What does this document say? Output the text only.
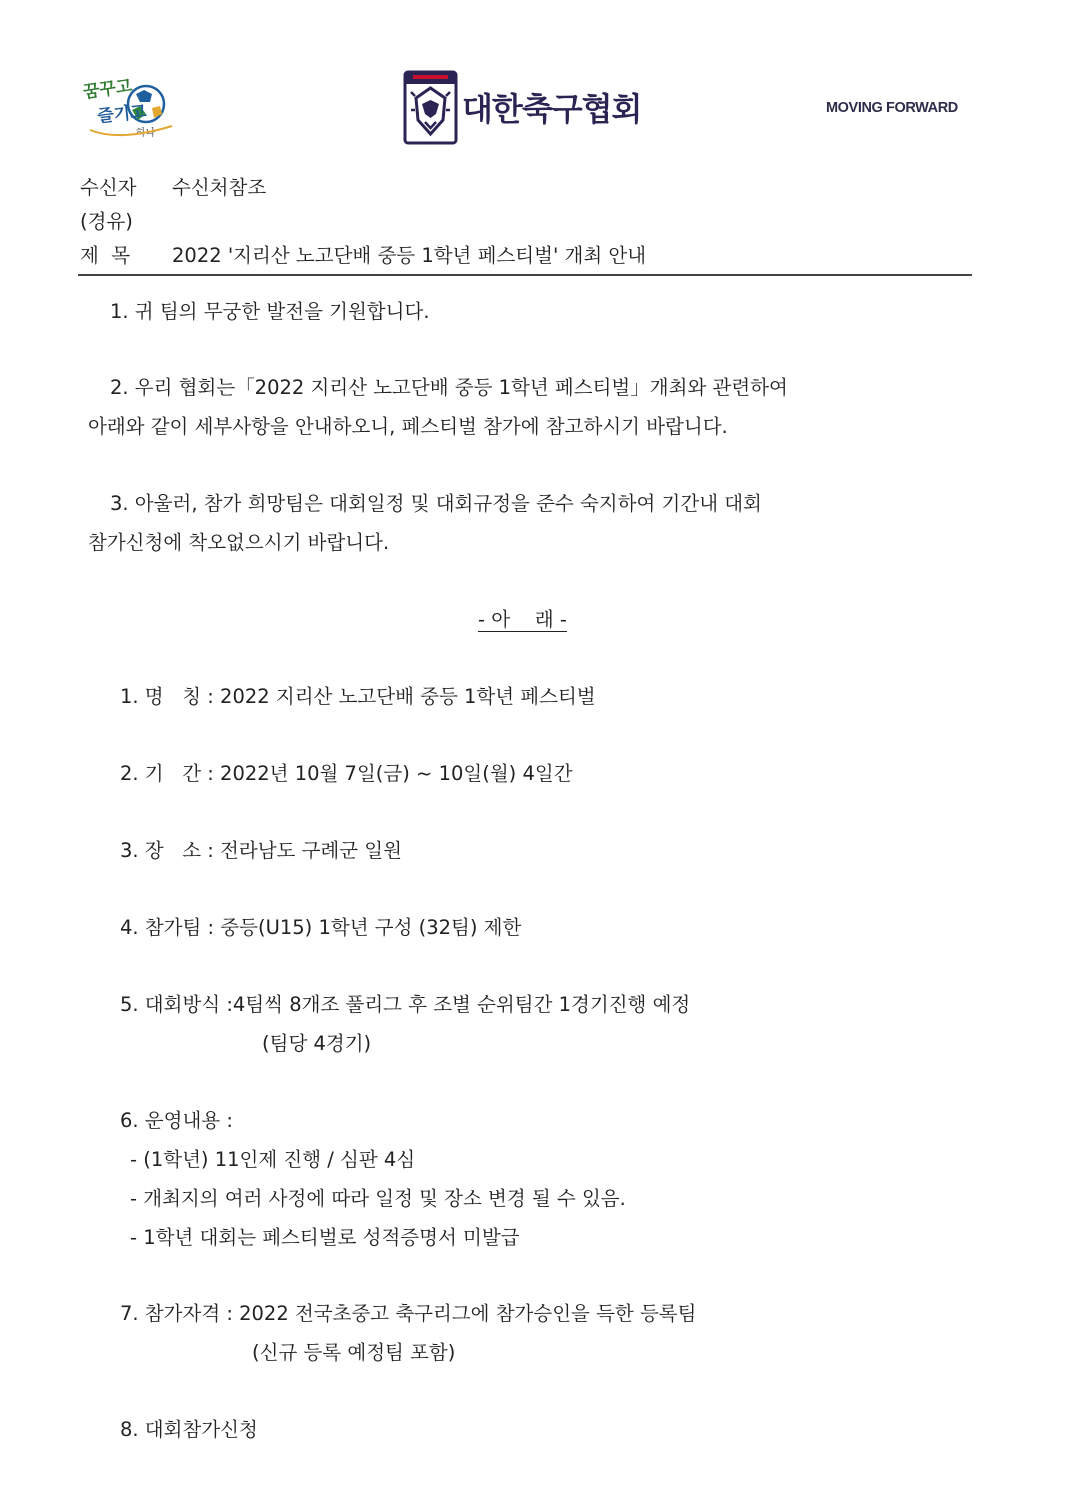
꿈꾸고
즐기고
하나
대한축구협회	MOVING FORWARD
수신자 수신처참조
(경유)
제  목 2022 '지리산 노고단배 중등 1학년 페스티벌' 개최 안내
1. 귀 팀의 무궁한 발전을 기원합니다.
2. 우리 협회는「2022 지리산 노고단배 중등 1학년 페스티벌」개최와 관련하여
아래와 같이 세부사항을 안내하오니, 페스티벌 참가에 참고하시기 바랍니다.
3. 아울러, 참가 희망팀은 대회일정 및 대회규정을 준수 숙지하여 기간내 대회
참가신청에 착오없으시기 바랍니다.
- 아    래 -
1. 명   칭 : 2022 지리산 노고단배 중등 1학년 페스티벌
2. 기   간 : 2022년 10월 7일(금) ~ 10일(월) 4일간
3. 장   소 : 전라남도 구례군 일원
4. 참가팀 : 중등(U15) 1학년 구성 (32팀) 제한
5. 대회방식 :4팀씩 8개조 풀리그 후 조별 순위팀간 1경기진행 예정
(팀당 4경기)
6. 운영내용 :
- (1학년) 11인제 진행 / 심판 4심
- 개최지의 여러 사정에 따라 일정 및 장소 변경 될 수 있음.
- 1학년 대회는 페스티벌로 성적증명서 미발급
7. 참가자격 : 2022 전국초중고 축구리그에 참가승인을 득한 등록팀
(신규 등록 예정팀 포함)
8. 대회참가신청
